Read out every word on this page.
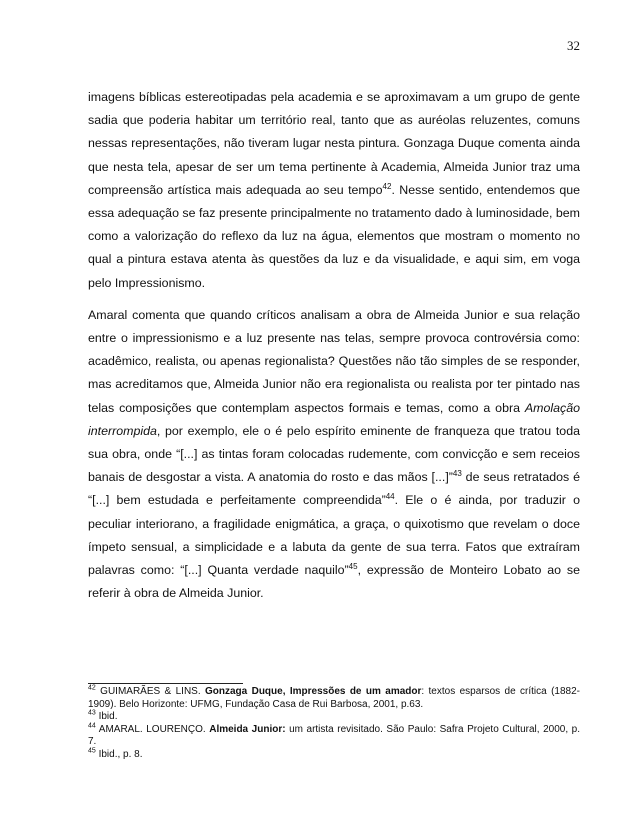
32

imagens bíblicas estereotipadas pela academia e se aproximavam a um grupo de gente sadia que poderia habitar um território real, tanto que as auréolas reluzentes, comuns nessas representações, não tiveram lugar nesta pintura. Gonzaga Duque comenta ainda que nesta tela, apesar de ser um tema pertinente à Academia, Almeida Junior traz uma compreensão artística mais adequada ao seu tempo$^{42}$. Nesse sentido, entendemos que essa adequação se faz presente principalmente no tratamento dado à luminosidade, bem como a valorização do reflexo da luz na água, elementos que mostram o momento no qual a pintura estava atenta às questões da luz e da visualidade, e aqui sim, em voga pelo Impressionismo.

Amaral comenta que quando críticos analisam a obra de Almeida Junior e sua relação entre o impressionismo e a luz presente nas telas, sempre provoca controvérsia como: acadêmico, realista, ou apenas regionalista? Questões não tão simples de se responder, mas acreditamos que, Almeida Junior não era regionalista ou realista por ter pintado nas telas composições que contemplam aspectos formais e temas, como a obra Amolação interrompida, por exemplo, ele o é pelo espírito eminente de franqueza que tratou toda sua obra, onde “[...] as tintas foram colocadas rudemente, com convicção e sem receios banais de desgostar a vista. A anatomia do rosto e das mãos [...]”$^{43}$ de seus retratados é “[...] bem estudada e perfeitamente compreendida”$^{44}$. Ele o é ainda, por traduzir o peculiar interiorano, a fragilidade enigmática, a graça, o quixotismo que revelam o doce ímpeto sensual, a simplicidade e a labuta da gente de sua terra. Fatos que extraíram palavras como: “[...] Quanta verdade naquilo”$^{45}$, expressão de Monteiro Lobato ao se referir à obra de Almeida Junior.

$^{42}$ GUIMARÃES & LINS. Gonzaga Duque, Impressões de um amador: textos esparsos de crítica (1882-1909). Belo Horizonte: UFMG, Fundação Casa de Rui Barbosa, 2001, p.63.

$^{43}$ Ibid.

$^{44}$ AMARAL. LOURENÇO. Almeida Junior: um artista revisitado. São Paulo: Safra Projeto Cultural, 2000, p. 7.

$^{45}$ Ibid., p. 8.
